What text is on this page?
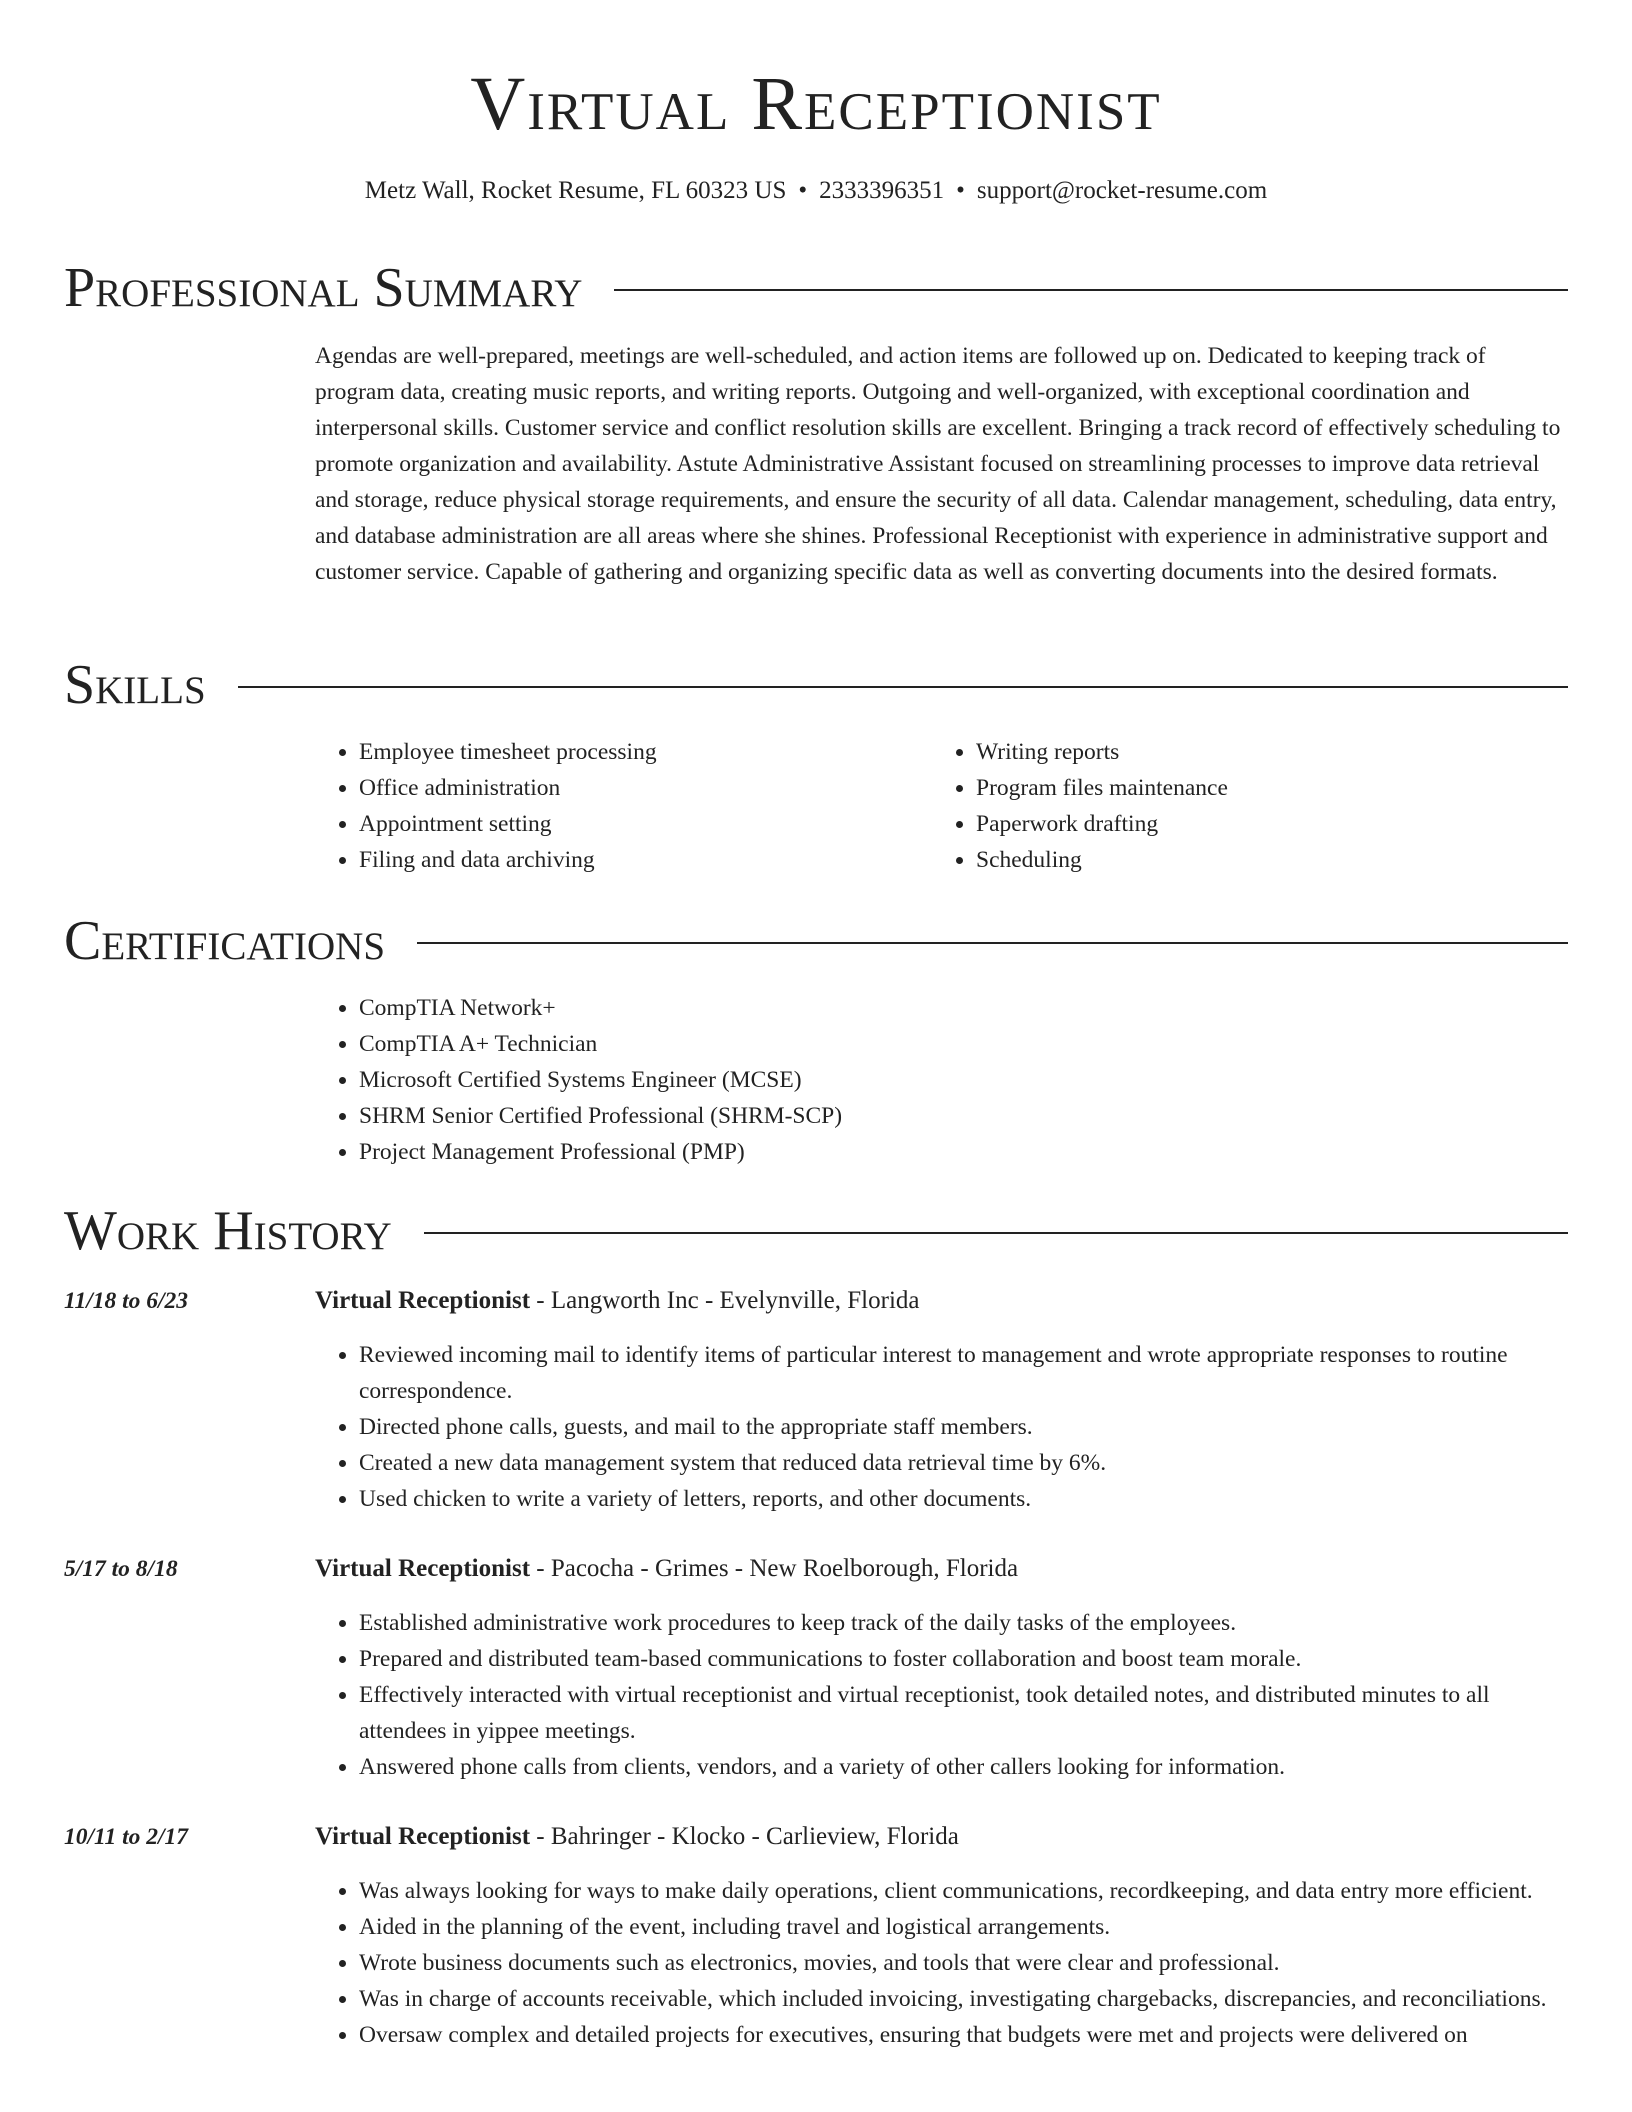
Virtual Receptionist
Metz Wall, Rocket Resume, FL 60323 US • 2333396351 • support@rocket-resume.com
Professional Summary

Agendas are well-prepared, meetings are well-scheduled, and action items are followed up on. Dedicated to keeping track of program data, creating music reports, and writing reports. Outgoing and well-organized, with exceptional coordination and interpersonal skills. Customer service and conflict resolution skills are excellent. Bringing a track record of effectively scheduling to promote organization and availability. Astute Administrative Assistant focused on streamlining processes to improve data retrieval and storage, reduce physical storage requirements, and ensure the security of all data. Calendar management, scheduling, data entry, and database administration are all areas where she shines. Professional Receptionist with experience in administrative support and customer service. Capable of gathering and organizing specific data as well as converting documents into the desired formats.

Skills
• Employee timesheet processing
• Office administration
• Appointment setting
• Filing and data archiving
• Writing reports
• Program files maintenance
• Paperwork drafting
• Scheduling
Certifications
• CompTIA Network+
• CompTIA A+ Technician
• Microsoft Certified Systems Engineer (MCSE)
• SHRM Senior Certified Professional (SHRM-SCP)
• Project Management Professional (PMP)
Work History
11/18 to 6/23	Virtual Receptionist - Langworth Inc - Evelynville, Florida
• Reviewed incoming mail to identify items of particular interest to management and wrote appropriate responses to routine correspondence.
• Directed phone calls, guests, and mail to the appropriate staff members.
• Created a new data management system that reduced data retrieval time by 6%.
• Used chicken to write a variety of letters, reports, and other documents.
5/17 to 8/18	Virtual Receptionist - Pacocha - Grimes - New Roelborough, Florida
• Established administrative work procedures to keep track of the daily tasks of the employees.
• Prepared and distributed team-based communications to foster collaboration and boost team morale.
• Effectively interacted with virtual receptionist and virtual receptionist, took detailed notes, and distributed minutes to all attendees in yippee meetings.
• Answered phone calls from clients, vendors, and a variety of other callers looking for information.
10/11 to 2/17	Virtual Receptionist - Bahringer - Klocko - Carlieview, Florida
• Was always looking for ways to make daily operations, client communications, recordkeeping, and data entry more efficient.
• Aided in the planning of the event, including travel and logistical arrangements.
• Wrote business documents such as electronics, movies, and tools that were clear and professional.
• Was in charge of accounts receivable, which included invoicing, investigating chargebacks, discrepancies, and reconciliations.
• Oversaw complex and detailed projects for executives, ensuring that budgets were met and projects were delivered on
